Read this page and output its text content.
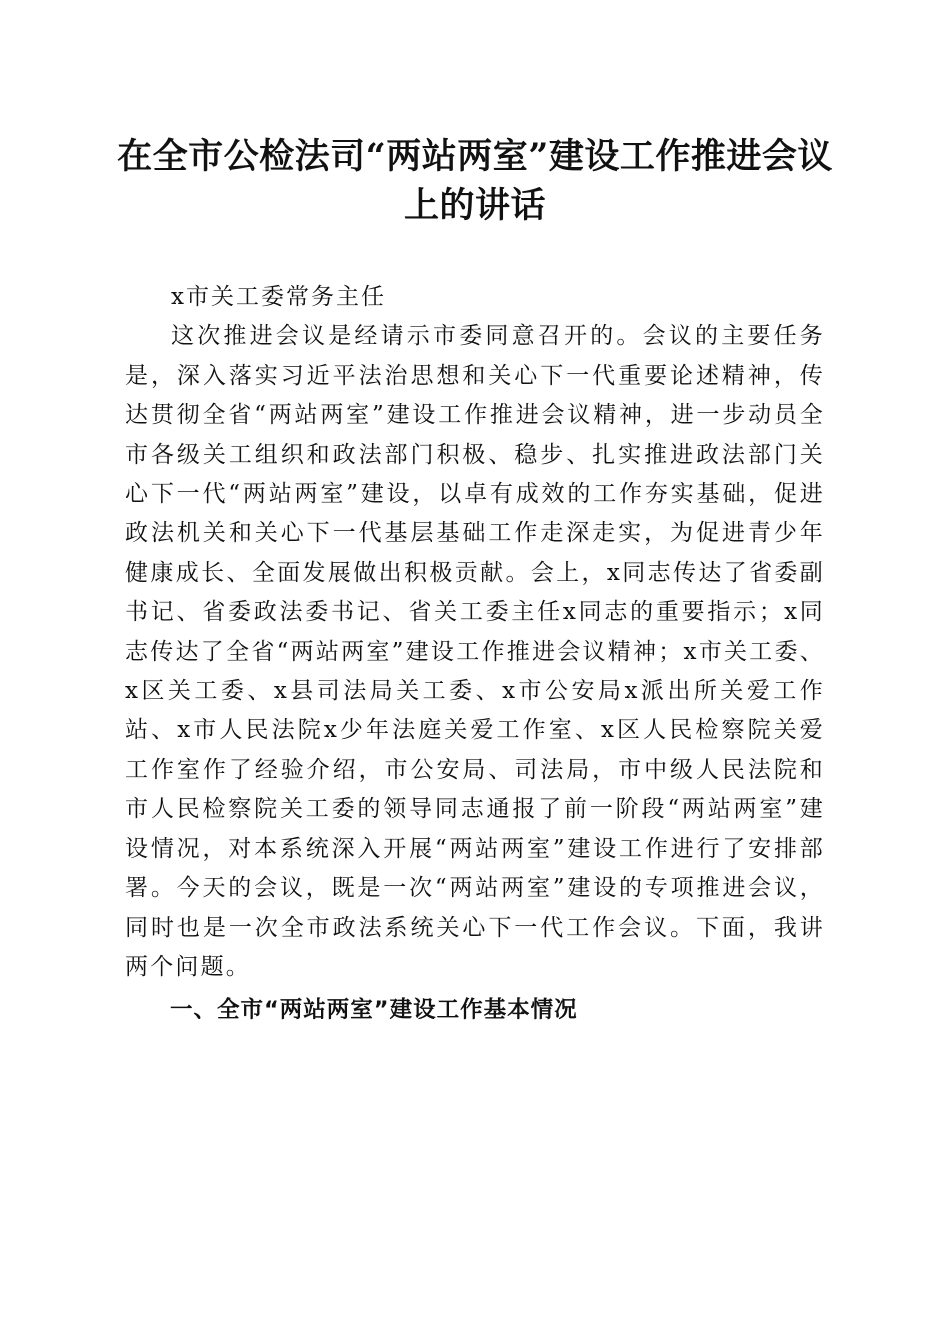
在全市公检法司“两站两室”建设工作推进会议上的讲话

x市关工委常务主任

这次推进会议是经请示市委同意召开的。会议的主要任务是，深入落实习近平法治思想和关心下一代重要论述精神，传达贯彻全省“两站两室”建设工作推进会议精神，进一步动员全市各级关工组织和政法部门积极、稳步、扎实推进政法部门关心下一代“两站两室”建设，以卓有成效的工作夯实基础，促进政法机关和关心下一代基层基础工作走深走实，为促进青少年健康成长、全面发展做出积极贡献。会上，x同志传达了省委副书记、省委政法委书记、省关工委主任x同志的重要指示；x同志传达了全省“两站两室”建设工作推进会议精神；x市关工委、x区关工委、x县司法局关工委、x市公安局x派出所关爱工作站、x市人民法院x少年法庭关爱工作室、x区人民检察院关爱工作室作了经验介绍，市公安局、司法局，市中级人民法院和市人民检察院关工委的领导同志通报了前一阶段“两站两室”建设情况，对本系统深入开展“两站两室”建设工作进行了安排部署。今天的会议，既是一次“两站两室”建设的专项推进会议，同时也是一次全市政法系统关心下一代工作会议。下面，我讲两个问题。

一、全市“两站两室”建设工作基本情况
